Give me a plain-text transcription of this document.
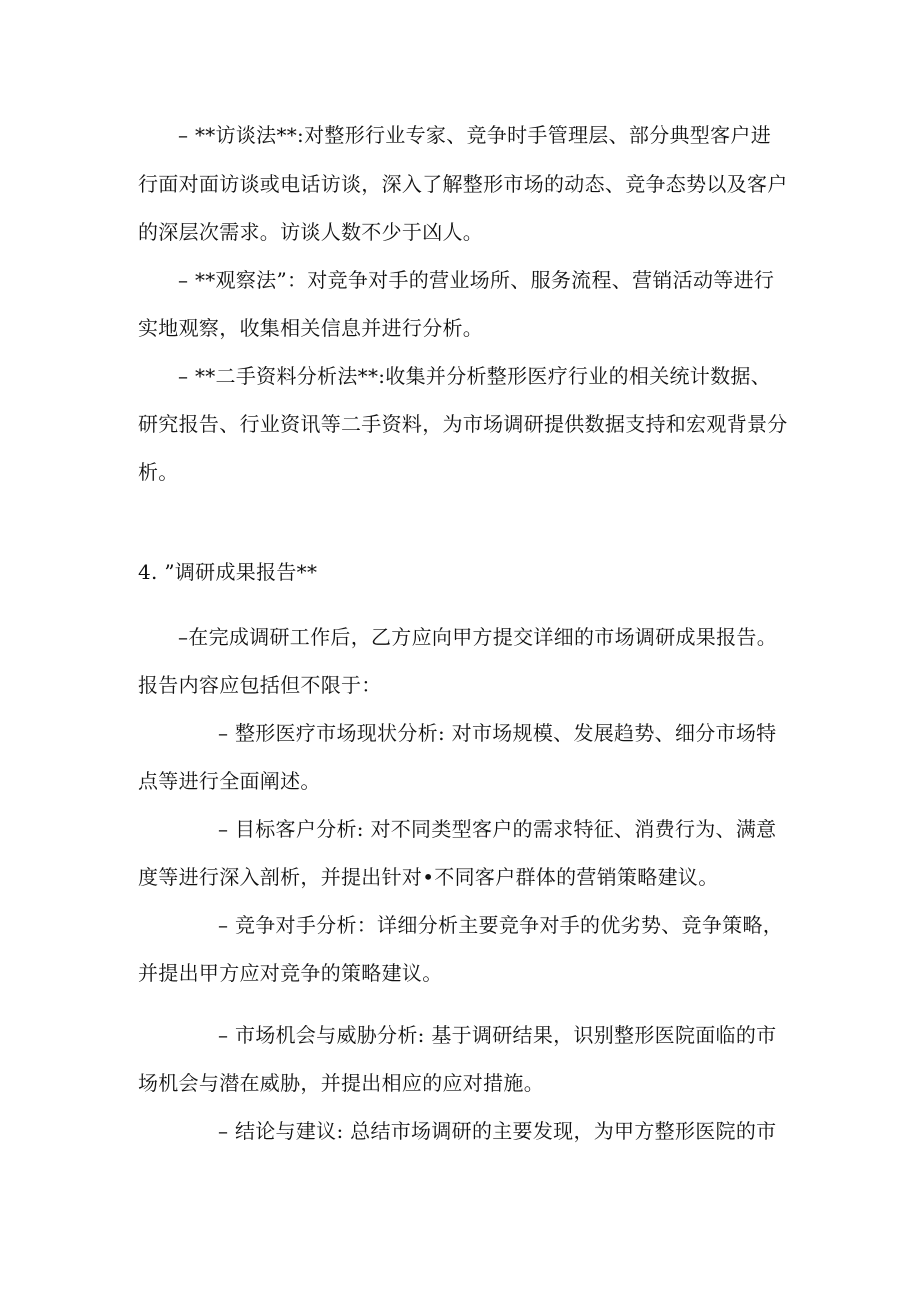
– **访谈法**:对整形行业专家、竞争时手管理层、部分典型客户进
行面对面访谈或电话访谈，深入了解整形市场的动态、竞争态势以及客户
的深层次需求。访谈人数不少于凶人。
– **观察法”：对竞争对手的营业场所、服务流程、营销活动等进行
实地观察，收集相关信息并进行分析。
– **二手资料分析法**:收集并分析整形医疗行业的相关统计数据、
研究报告、行业资讯等二手资料，为市场调研提供数据支持和宏观背景分
析。
4. ”调研成果报告**
–在完成调研工作后，乙方应向甲方提交详细的市场调研成果报告。
报告内容应包括但不限于：
– 整形医疗市场现状分析: 对市场规模、发展趋势、细分市场特
点等进行全面阐述。
– 目标客户分析: 对不同类型客户的需求特征、消费行为、满意
度等进行深入剖析，并提出针对•不同客户群体的营销策略建议。
– 竞争对手分析：详细分析主要竞争对手的优劣势、竞争策略，
并提出甲方应对竞争的策略建议。
– 市场机会与威胁分析: 基于调研结果，识别整形医院面临的市
场机会与潜在威胁，并提出相应的应对措施。
– 结论与建议: 总结市场调研的主要发现，为甲方整形医院的市
